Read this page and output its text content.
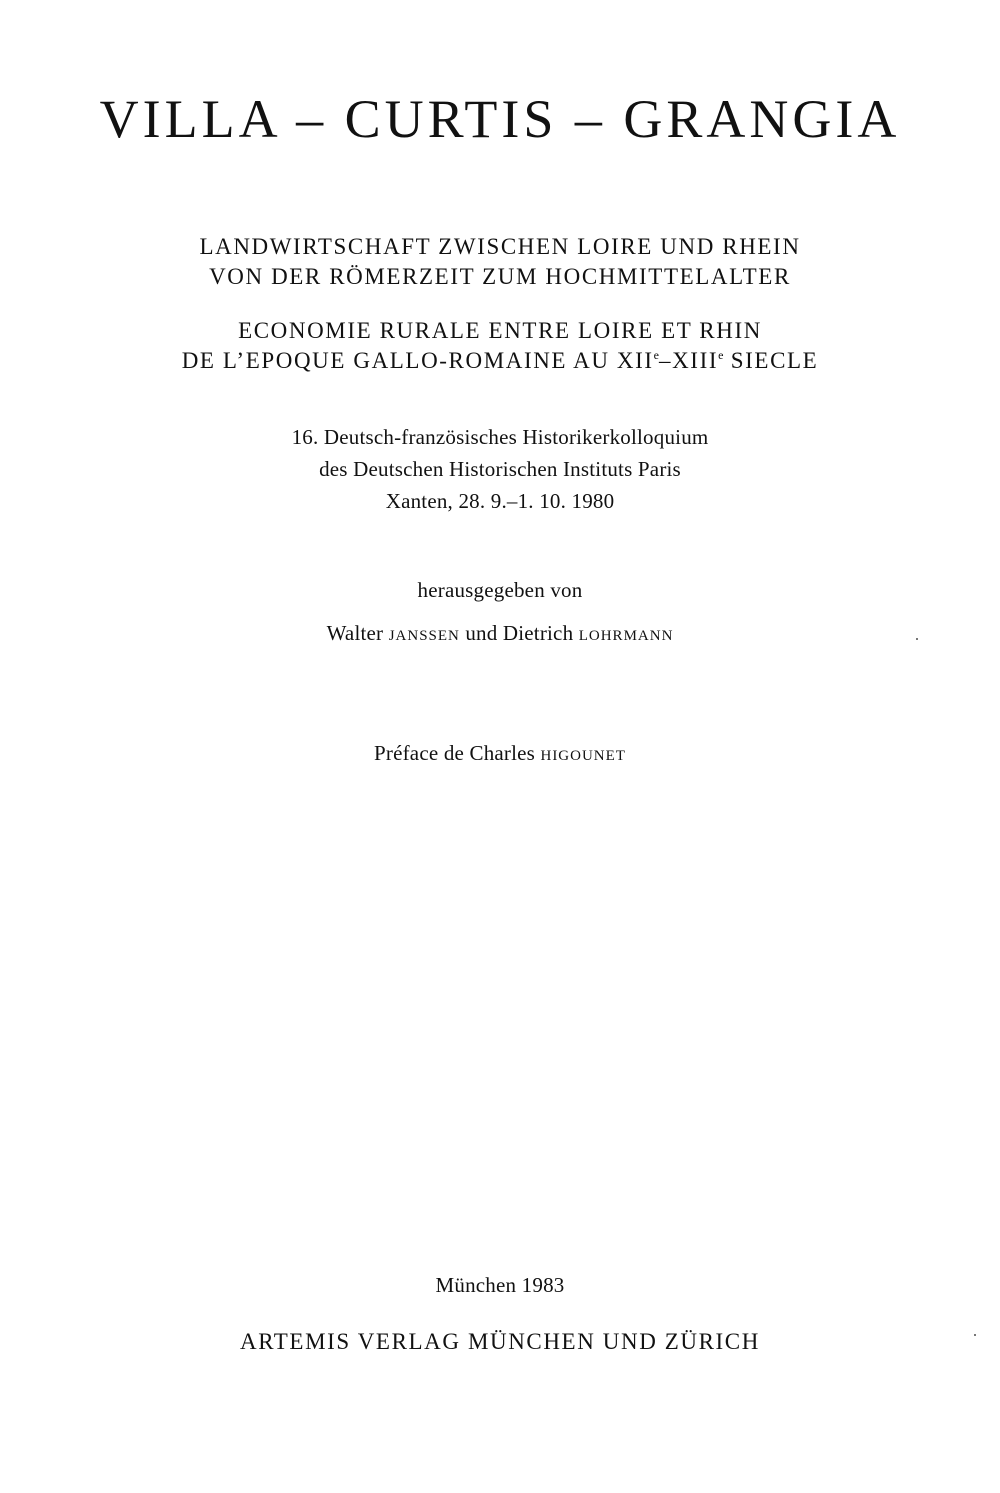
VILLA – CURTIS – GRANGIA
LANDWIRTSCHAFT ZWISCHEN LOIRE UND RHEIN
VON DER RÖMERZEIT ZUM HOCHMITTELALTER
ECONOMIE RURALE ENTRE LOIRE ET RHIN
DE L’EPOQUE GALLO-ROMAINE AU XIIe–XIIIe SIECLE
16. Deutsch-französisches Historikerkolloquium
des Deutschen Historischen Instituts Paris
Xanten, 28. 9.–1. 10. 1980
herausgegeben von
Walter JANSSEN und Dietrich LOHRMANN
Préface de Charles HIGOUNET
München 1983
ARTEMIS VERLAG MÜNCHEN UND ZÜRICH
